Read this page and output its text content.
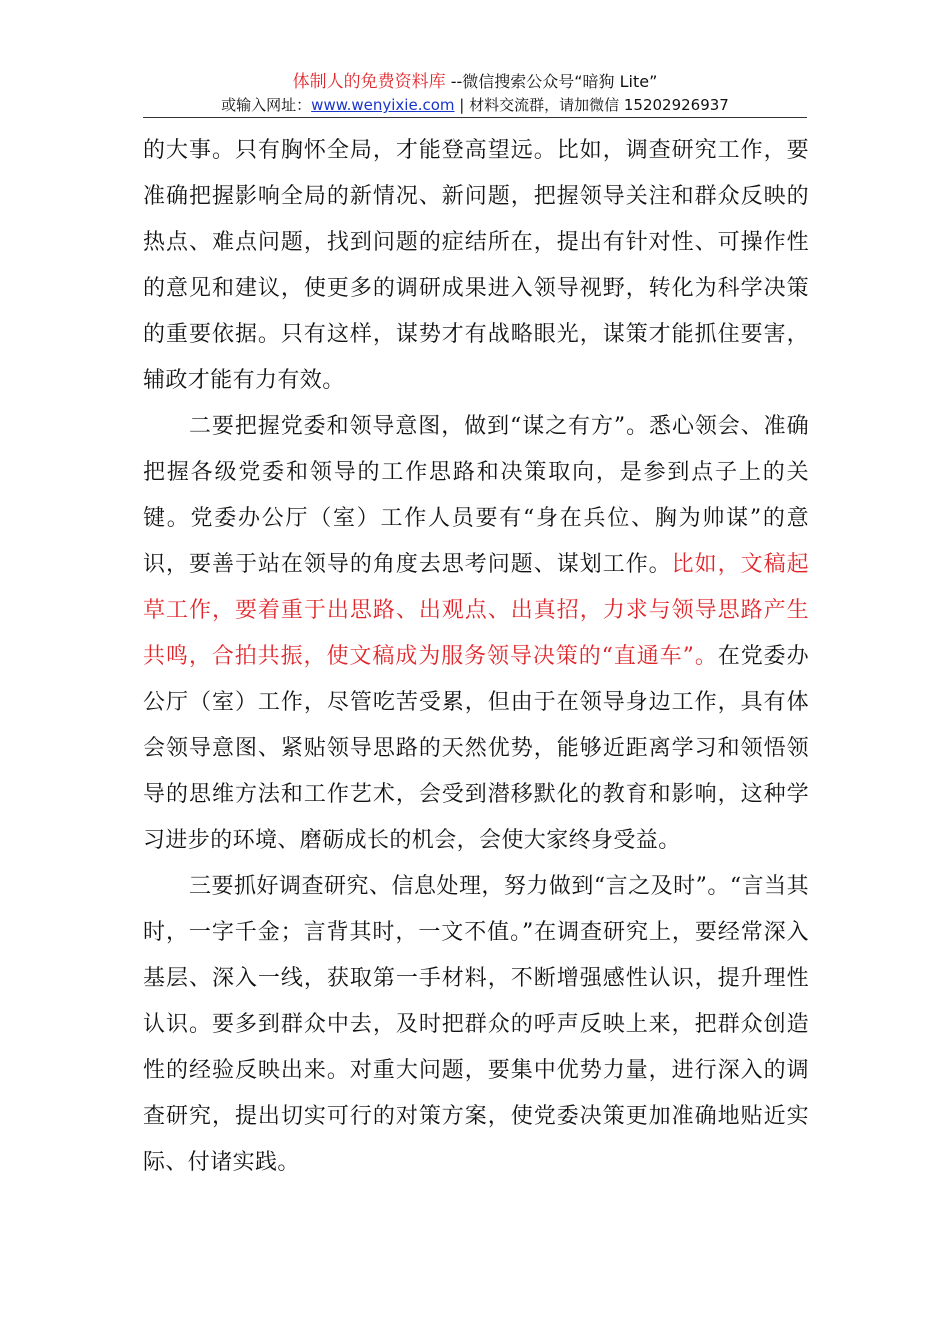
体制人的免费资料库 --微信搜索公众号“暗狗 Lite”
或输入网址：www.wenyixie.com | 材料交流群，请加微信 15202926937

的大事。只有胸怀全局，才能登高望远。比如，调查研究工作，要准确把握影响全局的新情况、新问题，把握领导关注和群众反映的热点、难点问题，找到问题的症结所在，提出有针对性、可操作性的意见和建议，使更多的调研成果进入领导视野，转化为科学决策的重要依据。只有这样，谋势才有战略眼光，谋策才能抓住要害，辅政才能有力有效。

二要把握党委和领导意图，做到“谋之有方”。悉心领会、准确把握各级党委和领导的工作思路和决策取向，是参到点子上的关键。党委办公厅（室）工作人员要有“身在兵位、胸为帅谋”的意识，要善于站在领导的角度去思考问题、谋划工作。比如，文稿起草工作，要着重于出思路、出观点、出真招，力求与领导思路产生共鸣，合拍共振，使文稿成为服务领导决策的“直通车”。在党委办公厅（室）工作，尽管吃苦受累，但由于在领导身边工作，具有体会领导意图、紧贴领导思路的天然优势，能够近距离学习和领悟领导的思维方法和工作艺术，会受到潜移默化的教育和影响，这种学习进步的环境、磨砺成长的机会，会使大家终身受益。

三要抓好调查研究、信息处理，努力做到“言之及时”。“言当其时，一字千金；言背其时，一文不值。”在调查研究上，要经常深入基层、深入一线，获取第一手材料，不断增强感性认识，提升理性认识。要多到群众中去，及时把群众的呼声反映上来，把群众创造性的经验反映出来。对重大问题，要集中优势力量，进行深入的调查研究，提出切实可行的对策方案，使党委决策更加准确地贴近实际、付诸实践。
